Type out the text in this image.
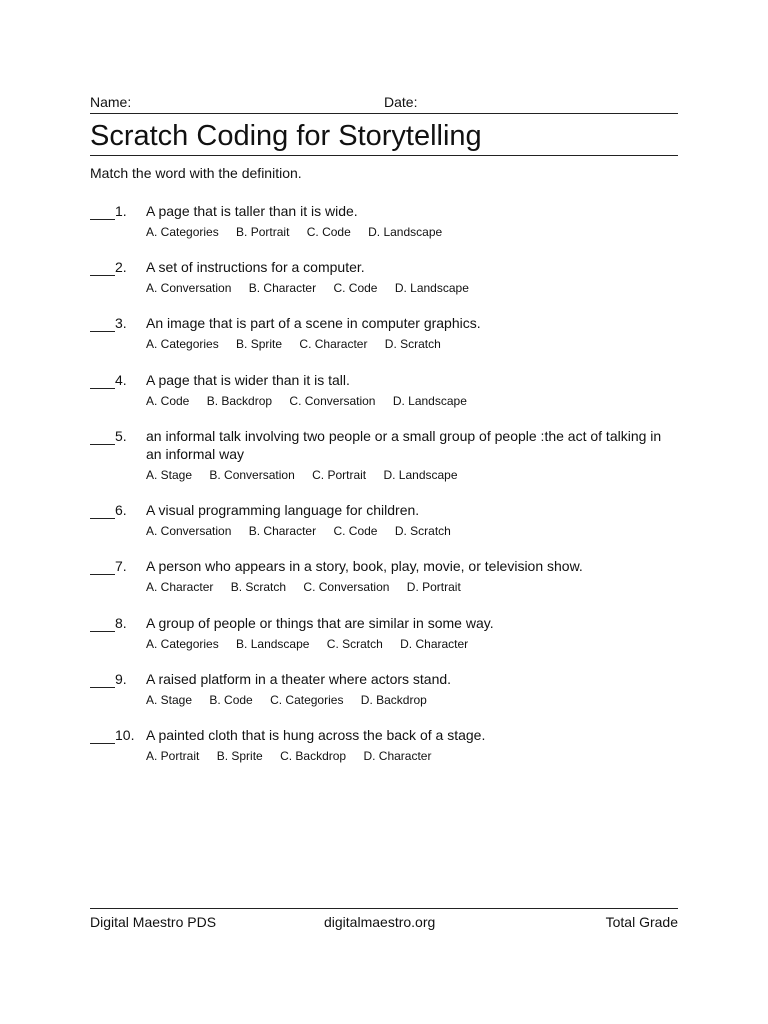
Name:	Date:
Scratch Coding for Storytelling
Match the word with the definition.
1. A page that is taller than it is wide.
A. Categories B. Portrait C. Code D. Landscape
2. A set of instructions for a computer.
A. Conversation B. Character C. Code D. Landscape
3. An image that is part of a scene in computer graphics.
A. Categories B. Sprite C. Character D. Scratch
4. A page that is wider than it is tall.
A. Code B. Backdrop C. Conversation D. Landscape
5. an informal talk involving two people or a small group of people :the act of talking in an informal way
A. Stage B. Conversation C. Portrait D. Landscape
6. A visual programming language for children.
A. Conversation B. Character C. Code D. Scratch
7. A person who appears in a story, book, play, movie, or television show.
A. Character B. Scratch C. Conversation D. Portrait
8. A group of people or things that are similar in some way.
A. Categories B. Landscape C. Scratch D. Character
9. A raised platform in a theater where actors stand.
A. Stage B. Code C. Categories D. Backdrop
10. A painted cloth that is hung across the back of a stage.
A. Portrait B. Sprite C. Backdrop D. Character
Digital Maestro PDS	digitalmaestro.org	Total Grade
